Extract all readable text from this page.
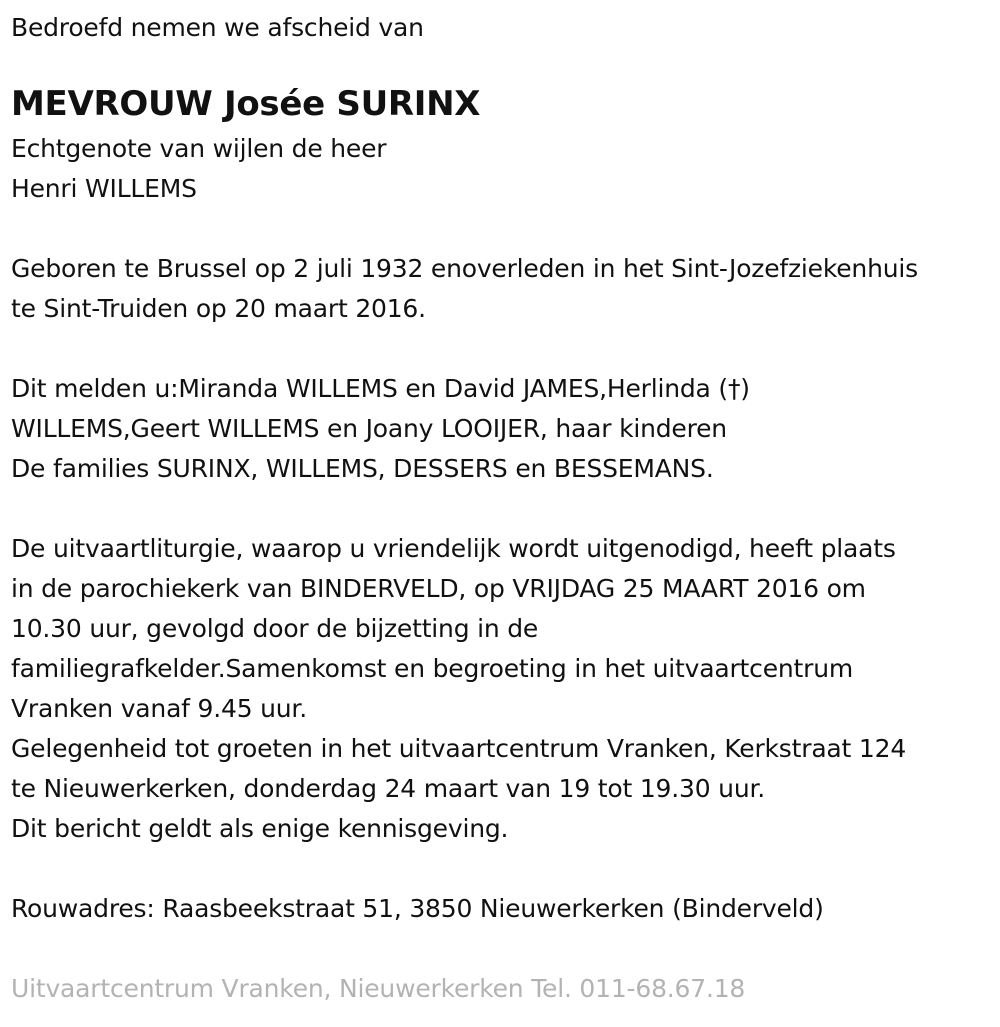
Bedroefd nemen we afscheid van
MEVROUW Josée SURINX
Echtgenote van wijlen de heer
Henri WILLEMS
Geboren te Brussel op 2 juli 1932 enoverleden in het Sint-Jozefziekenhuis
te Sint-Truiden op 20 maart 2016.
Dit melden u:Miranda WILLEMS en David JAMES,Herlinda (†)
WILLEMS,Geert WILLEMS en Joany LOOIJER, haar kinderen
De families SURINX, WILLEMS, DESSERS en BESSEMANS.
De uitvaartliturgie, waarop u vriendelijk wordt uitgenodigd, heeft plaats
in de parochiekerk van BINDERVELD, op VRIJDAG 25 MAART 2016 om
10.30 uur, gevolgd door de bijzetting in de
familiegrafkelder.Samenkomst en begroeting in het uitvaartcentrum
Vranken vanaf 9.45 uur.
Gelegenheid tot groeten in het uitvaartcentrum Vranken, Kerkstraat 124
te Nieuwerkerken, donderdag 24 maart van 19 tot 19.30 uur.
Dit bericht geldt als enige kennisgeving.
Rouwadres: Raasbeekstraat 51, 3850 Nieuwerkerken (Binderveld)
Uitvaartcentrum Vranken, Nieuwerkerken Tel. 011-68.67.18
